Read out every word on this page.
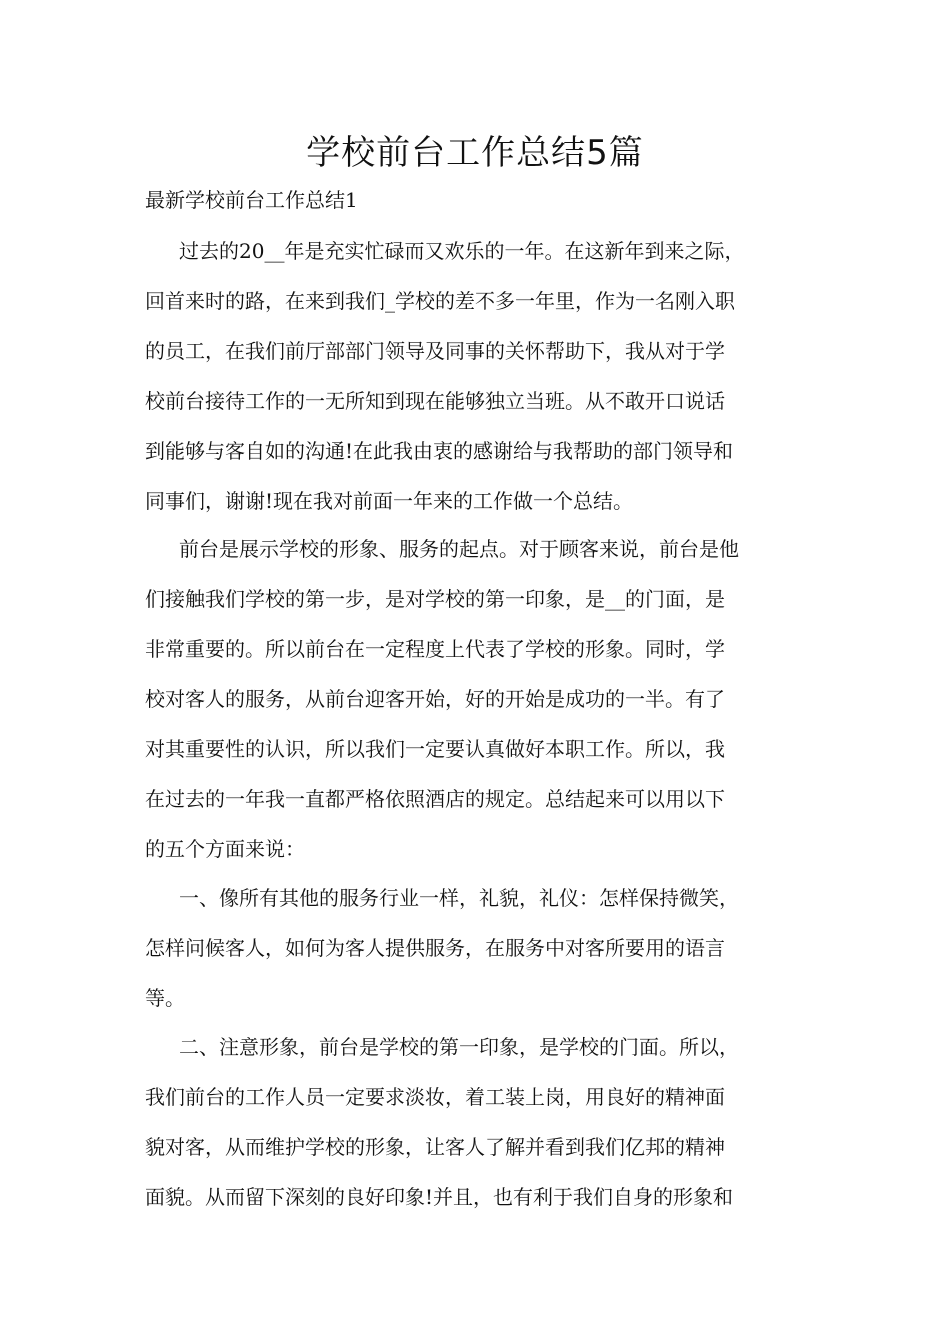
学校前台工作总结5篇

最新学校前台工作总结1

过去的20__年是充实忙碌而又欢乐的一年。在这新年到来之际，
回首来时的路，在来到我们_学校的差不多一年里，作为一名刚入职
的员工，在我们前厅部部门领导及同事的关怀帮助下，我从对于学
校前台接待工作的一无所知到现在能够独立当班。从不敢开口说话
到能够与客自如的沟通!在此我由衷的感谢给与我帮助的部门领导和
同事们，谢谢!现在我对前面一年来的工作做一个总结。

前台是展示学校的形象、服务的起点。对于顾客来说，前台是他
们接触我们学校的第一步，是对学校的第一印象，是__的门面，是
非常重要的。所以前台在一定程度上代表了学校的形象。同时，学
校对客人的服务，从前台迎客开始，好的开始是成功的一半。有了
对其重要性的认识，所以我们一定要认真做好本职工作。所以，我
在过去的一年我一直都严格依照酒店的规定。总结起来可以用以下
的五个方面来说：

一、像所有其他的服务行业一样，礼貌，礼仪：怎样保持微笑，
怎样问候客人，如何为客人提供服务，在服务中对客所要用的语言
等。

二、注意形象，前台是学校的第一印象，是学校的门面。所以，
我们前台的工作人员一定要求淡妆，着工装上岗，用良好的精神面
貌对客，从而维护学校的形象，让客人了解并看到我们亿邦的精神
面貌。从而留下深刻的良好印象!并且，也有利于我们自身的形象和
